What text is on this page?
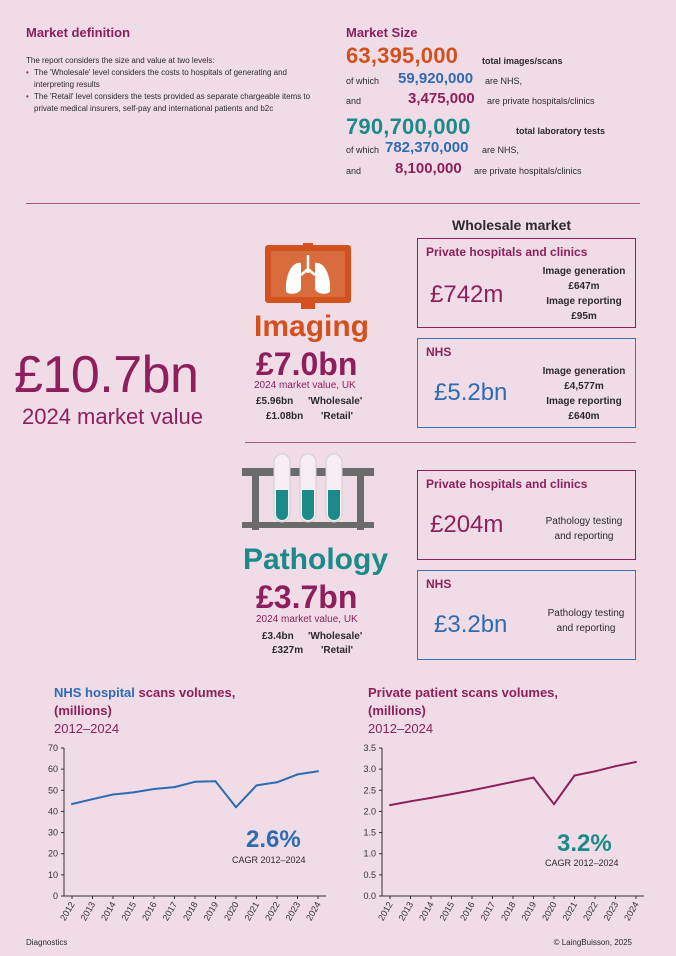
Market definition
The report considers the size and value at two levels:
• The 'Wholesale' level considers the costs to hospitals of generating and interpreting results
• The 'Retail' level considers the tests provided as separate chargeable items to private medical insurers, self-pay and international patients and b2c
Market Size
63,395,000	total images/scans
of which 59,920,000 are NHS,
and	3,475,000 are private hospitals/clinics
790,700,000	total laboratory tests
of which 782,370,000 are NHS,
and 8,100,000 are private hospitals/clinics
£10.7bn
2024 market value
Wholesale market
Imaging
£7.0bn
2024 market value, UK
£5.96bn 'Wholesale'
£1.08bn 'Retail'
Private hospitals and clinics
£742m
Image generation
£647m
Image reporting
£95m
NHS
£5.2bn
Image generation
£4,577m
Image reporting
£640m
Pathology
£3.7bn
2024 market value, UK
£3.4bn 'Wholesale'
£327m 'Retail'
Private hospitals and clinics
£204m	Pathology testing
and reporting
NHS
£3.2bn	Pathology testing
and reporting
NHS hospital scans volumes,
(millions)
2012–2024
0
10
20
30
40
50
60
70
2012 2013 2014 2015 2016 2017 2018 2019 2020 2021 2022 2023 2024
2.6%
CAGR 2012–2024
Private patient scans volumes,
(millions)
2012–2024
0.0
0.5
1.0
1.5
2.0
2.5
3.0
3.5
2012 2013 2014 2015 2016 2017 2018 2019 2020 2021 2022 2023 2024
3.2%
CAGR 2012–2024
Diagnostics	© LaingBuisson, 2025
